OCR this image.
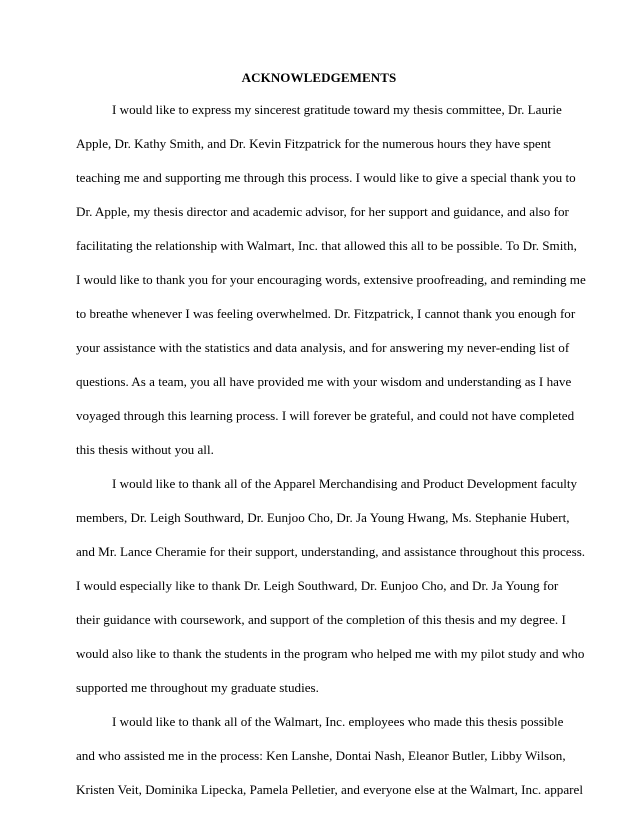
ACKNOWLEDGEMENTS
I would like to express my sincerest gratitude toward my thesis committee, Dr. Laurie
Apple, Dr. Kathy Smith, and Dr. Kevin Fitzpatrick for the numerous hours they have spent
teaching me and supporting me through this process. I would like to give a special thank you to
Dr. Apple, my thesis director and academic advisor, for her support and guidance, and also for
facilitating the relationship with Walmart, Inc. that allowed this all to be possible. To Dr. Smith,
I would like to thank you for your encouraging words, extensive proofreading, and reminding me
to breathe whenever I was feeling overwhelmed. Dr. Fitzpatrick, I cannot thank you enough for
your assistance with the statistics and data analysis, and for answering my never-ending list of
questions. As a team, you all have provided me with your wisdom and understanding as I have
voyaged through this learning process. I will forever be grateful, and could not have completed
this thesis without you all.
I would like to thank all of the Apparel Merchandising and Product Development faculty
members, Dr. Leigh Southward, Dr. Eunjoo Cho, Dr. Ja Young Hwang, Ms. Stephanie Hubert,
and Mr. Lance Cheramie for their support, understanding, and assistance throughout this process.
I would especially like to thank Dr. Leigh Southward, Dr. Eunjoo Cho, and Dr. Ja Young for
their guidance with coursework, and support of the completion of this thesis and my degree. I
would also like to thank the students in the program who helped me with my pilot study and who
supported me throughout my graduate studies.
I would like to thank all of the Walmart, Inc. employees who made this thesis possible
and who assisted me in the process: Ken Lanshe, Dontai Nash, Eleanor Butler, Libby Wilson,
Kristen Veit, Dominika Lipecka, Pamela Pelletier, and everyone else at the Walmart, Inc. apparel
